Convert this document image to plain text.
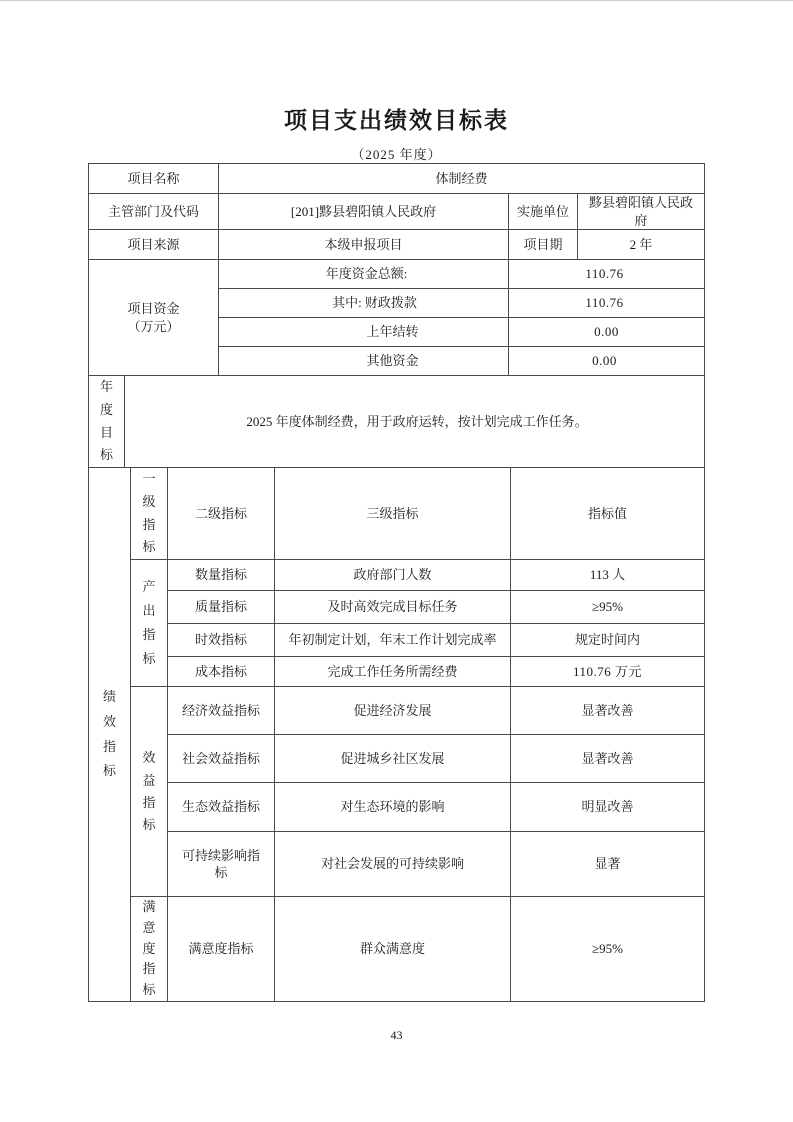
项目支出绩效目标表
（2025 年度）
项目名称	体制经费		
主管部门及代码	[201]黟县碧阳镇人民政府	实施单位	黟县碧阳镇人民政府
项目来源	本级申报项目	项目期	2 年
项目资金
（万元）	年度资金总额:	110.76
	其中: 财政拨款	110.76
	上年结转	0.00
	其他资金	0.00
年度目标	2025 年度体制经费，用于政府运转，按计划完成工作任务。
绩效指标	一级指标	二级指标	三级指标	指标值
	产出指标	数量指标	政府部门人数	113 人
		质量指标	及时高效完成目标任务	≥95%
		时效指标	年初制定计划，年末工作计划完成率	规定时间内
		成本指标	完成工作任务所需经费	110.76 万元
	效益指标	经济效益指标	促进经济发展	显著改善
		社会效益指标	促进城乡社区发展	显著改善
		生态效益指标	对生态环境的影响	明显改善
		可持续影响指标	对社会发展的可持续影响	显著
	满意度指标	满意度指标	群众满意度	≥95%
43
